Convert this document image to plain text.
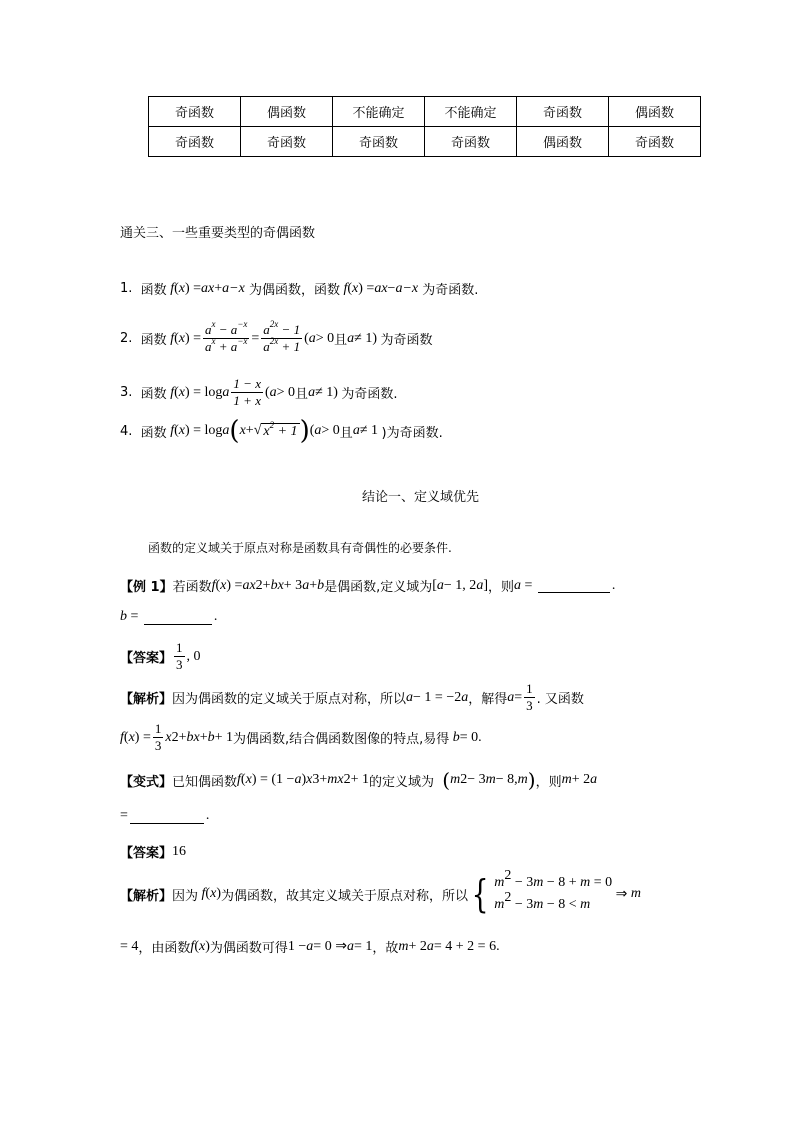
奇函数	偶函数	不能确定	不能确定	奇函数	偶函数
奇函数	奇函数	奇函数	奇函数	偶函数	奇函数
通关三、一些重要类型的奇偶函数
1.
函数 f ( x ) = a x + a −x
为偶函数，函数 f ( x ) = a x − a −x
为奇函数.
2.
函数 f ( x ) = $\frac{a^x - a^{-x}}{a^x + a^{-x}} = \frac{a^{2x} - 1}{a^{2x} + 1}$ ( a > 0 且 a ≠ 1) 为奇函数
3.
函数 f ( x ) = log a $\frac{1 - x}{1 + x}$ ( a > 0 且 a ≠ 1) 为奇函数.
4.
函数 f ( x ) = log a ( x + √ $x^2 + 1$ ) ( a > 0 且 a ≠ 1 )为奇函数.
结论一、定义域优先
函数的定义域关于原点对称是函数具有奇偶性的必要条件.
【例 1】 若函数 f ( x ) = ax 2 + bx + 3 a + b 是偶函数,定义域为 [ a − 1, 2 a ] ，则 a =	.
b =	.
【答案】 $\frac{1}{3}$ , 0
【解析】 因为偶函数的定义域关于原点对称，所以 a − 1 = −2 a ，解得 $a = \frac{1}{3}$ . 又函数
f ( x ) = $\frac{1}{3}$ x 2 + bx + b + 1 为偶函数,结合偶函数图像的特点,易得 b = 0.
【变式】 已知偶函数 f ( x ) = (1 − a ) x 3 + mx 2 + 1 的定义域为
( m 2 − 3 m − 8, m ) ，则 m + 2 a
=	.
【答案】 16
【解析】 因为 f ( x ) 为偶函数，故其定义域关于原点对称，所以 { $m^2 - 3m - 8 + m = 0$
$m^2 - 3m - 8 < m$
⇒ m
= 4 ，由函数 f ( x ) 为偶函数可得 1 − a = 0 ⇒ a = 1 ，故 m + 2 a = 4 + 2 = 6.
